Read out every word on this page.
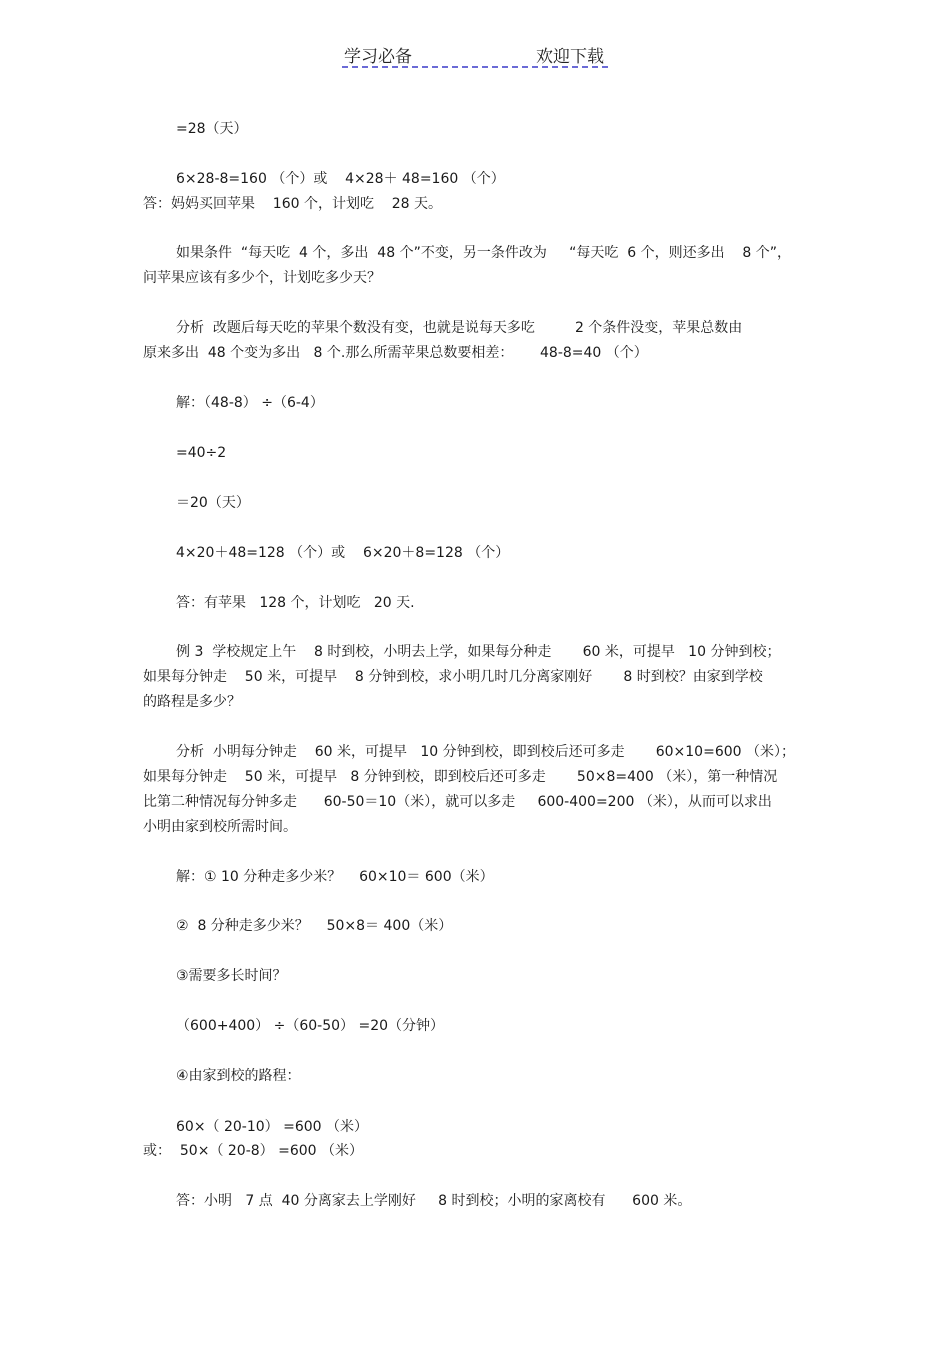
学习必备	欢迎下载
=28（天）
6×28-8=160 （个）或    4×28＋ 48=160 （个）
答：妈妈买回苹果    160 个，计划吃    28 天。
如果条件  “每天吃  4 个，多出  48 个”不变，另一条件改为     “每天吃  6 个，则还多出    8 个”，
问苹果应该有多少个，计划吃多少天？
分析  改题后每天吃的苹果个数没有变，也就是说每天多吃         2 个条件没变，苹果总数由
原来多出  48 个变为多出   8 个.那么所需苹果总数要相差：      48-8=40 （个）
解：（48-8） ÷（6-4）
=40÷2
＝20（天）
4×20＋48=128 （个）或    6×20＋8=128 （个）
答：有苹果   128 个，计划吃   20 天.
例 3  学校规定上午    8 时到校，小明去上学，如果每分种走       60 米，可提早   10 分钟到校；
如果每分钟走    50 米，可提早    8 分钟到校，求小明几时几分离家刚好       8 时到校？由家到学校
的路程是多少？
分析  小明每分钟走    60 米，可提早   10 分钟到校，即到校后还可多走       60×10=600 （米）；
如果每分钟走    50 米，可提早   8 分钟到校，即到校后还可多走       50×8=400 （米），第一种情况
比第二种情况每分钟多走      60-50＝10（米），就可以多走     600-400=200 （米），从而可以求出
小明由家到校所需时间。
解：① 10 分种走多少米？    60×10＝ 600（米）
②  8 分种走多少米？    50×8＝ 400（米）
③需要多长时间？
（600+400） ÷（60-50） =20（分钟）
④由家到校的路程：
60×（ 20-10） =600 （米）
或：  50×（ 20-8） =600 （米）
答：小明   7 点  40 分离家去上学刚好     8 时到校；小明的家离校有      600 米。
